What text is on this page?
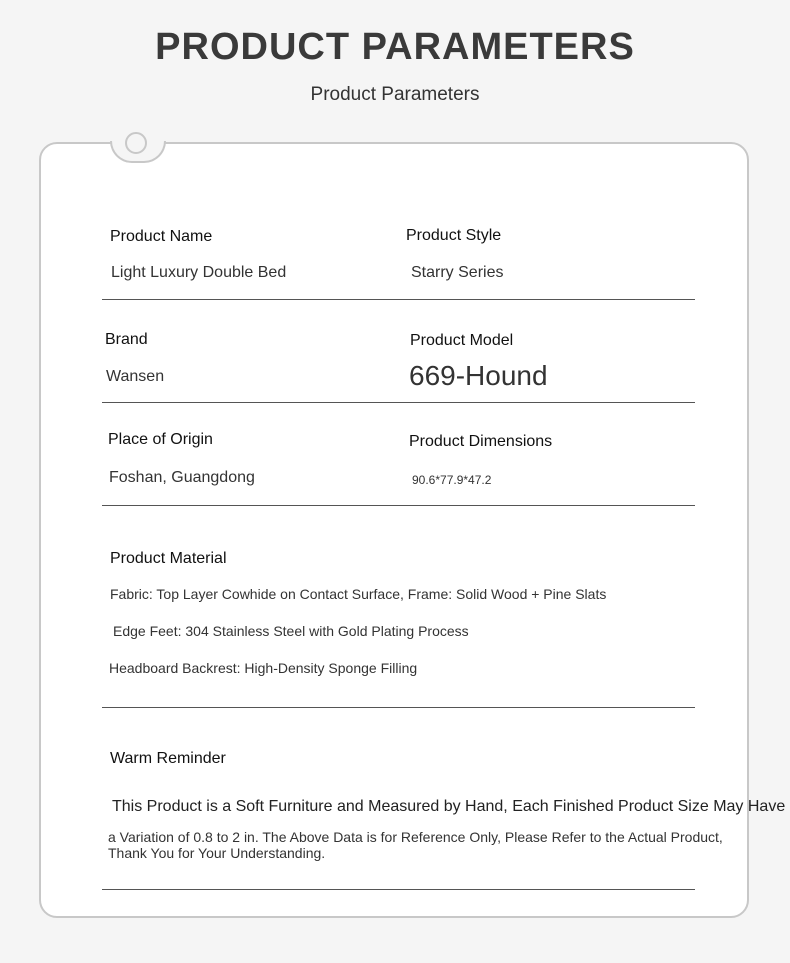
PRODUCT PARAMETERS
Product Parameters
Product Name
Light Luxury Double Bed
Product Style
Starry Series
Brand
Wansen
Product Model
669-Hound
Place of Origin
Foshan, Guangdong
Product Dimensions
90.6*77.9*47.2
Product Material
Fabric: Top Layer Cowhide on Contact Surface, Frame: Solid Wood + Pine Slats
Edge Feet: 304 Stainless Steel with Gold Plating Process
Headboard Backrest: High-Density Sponge Filling
Warm Reminder
This Product is a Soft Furniture and Measured by Hand, Each Finished Product Size May Have
a Variation of 0.8 to 2 in. The Above Data is for Reference Only, Please Refer to the Actual Product, Thank You for Your Understanding.
